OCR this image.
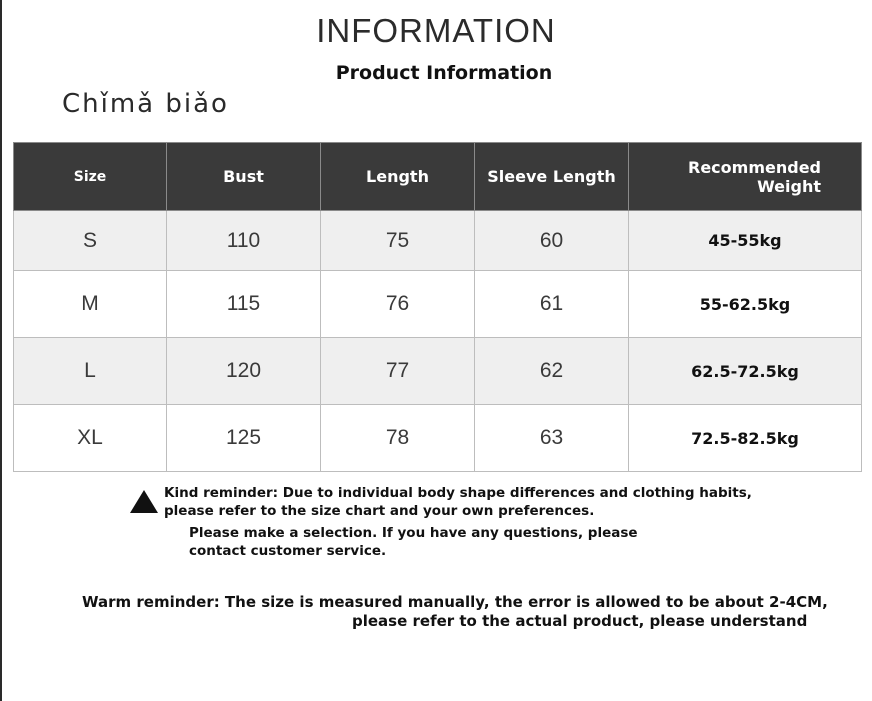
INFORMATION
Product Information
Chǐmǎ biǎo
Size	Bust	Length	Sleeve Length	Recommended
Weight
S	110	75	60	45-55kg
M	115	76	61	55-62.5kg
L	120	77	62	62.5-72.5kg
XL	125	78	63	72.5-82.5kg
Kind reminder: Due to individual body shape differences and clothing habits,
please refer to the size chart and your own preferences.
Please make a selection. If you have any questions, please
contact customer service.
Warm reminder: The size is measured manually, the error is allowed to be about 2-4CM,
please refer to the actual product, please understand
